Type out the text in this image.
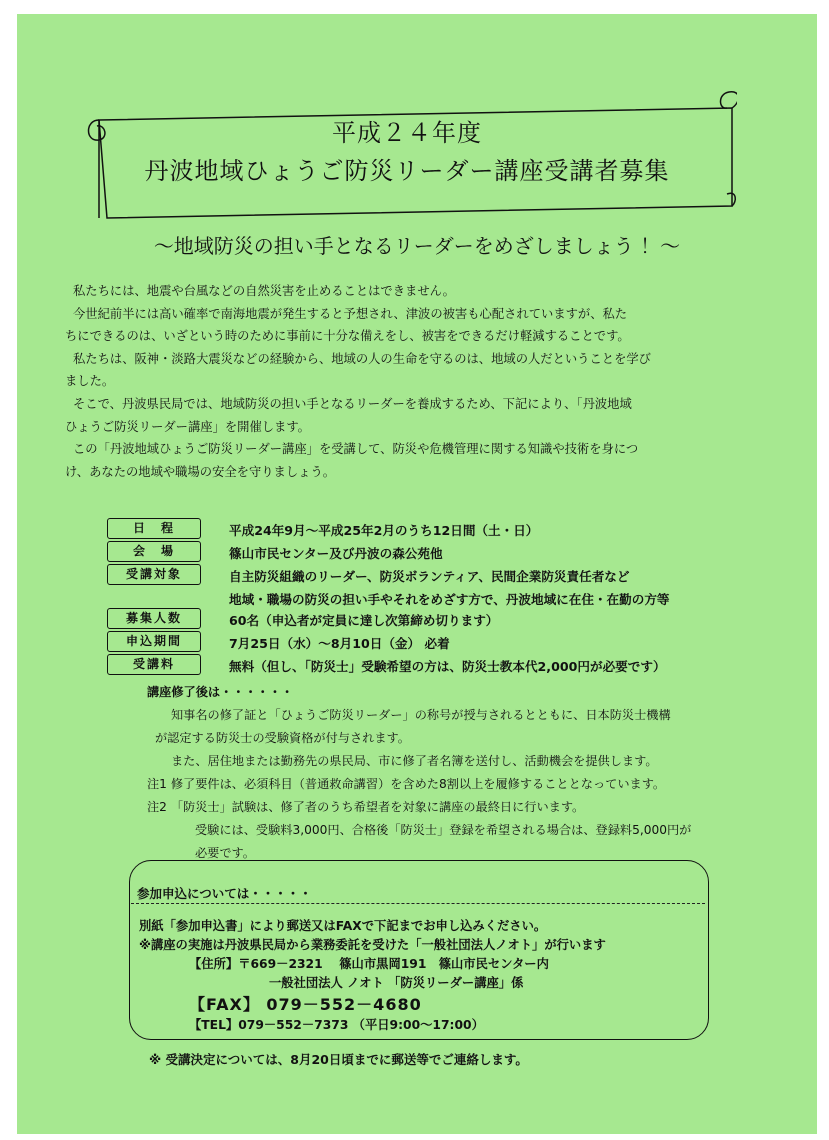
平成２４年度
丹波地域ひょうご防災リーダー講座受講者募集
～地域防災の担い手となるリーダーをめざしましょう ！～

私たちには、地震や台風などの自然災害を止めることはできません。

今世紀前半には高い確率で南海地震が発生すると予想され、津波の被害も心配されていますが、私た

ちにできるのは、いざという時のために事前に十分な備えをし、被害をできるだけ軽減することです。

私たちは、阪神・淡路大震災などの経験から、地域の人の生命を守るのは、地域の人だということを学び

ました。

そこで、丹波県民局では、地域防災の担い手となるリーダーを養成するため、下記により、「丹波地域

ひょうご防災リーダー講座」を開催します。

この「丹波地域ひょうご防災リーダー講座」を受講して、防災や危機管理に関する知識や技術を身につ

け、あなたの地域や職場の安全を守りましょう。

日　程	平成24年9月～平成25年2月のうち12日間（土・日）
会　場	篠山市民センター及び丹波の森公苑他
受講対象	自主防災組織のリーダー、防災ボランティア、民間企業防災責任者など
地域・職場の防災の担い手やそれをめざす方で、丹波地域に在住・在勤の方等
募集人数	60名（申込者が定員に達し次第締め切ります）
申込期間	7月25日（水）～8月10日（金） 必着
受講料	無料（但し、「防災士」受験希望の方は、防災士教本代2,000円が必要です）

講座修了後は・・・・・・

知事名の修了証と「ひょうご防災リーダー」の称号が授与されるとともに、日本防災士機構

が認定する防災士の受験資格が付与されます。

また、居住地または勤務先の県民局、市に修了者名簿を送付し、活動機会を提供します。

注1 修了要件は、必須科目（普通救命講習）を含めた8割以上を履修することとなっています。

注2 「防災士」試験は、修了者のうち希望者を対象に講座の最終日に行います。

受験には、受験料3,000円、合格後「防災士」登録を希望される場合は、登録料5,000円が

必要です。

参加申込については・・・・・

別紙「参加申込書」により郵送又はFAXで下記までお申し込みください。

※講座の実施は丹波県民局から業務委託を受けた「一般社団法人ノオト」が行います

【住所】〒669－2321　 篠山市黒岡191　篠山市民センター内

一般社団法人 ノオト 「防災リーダー講座」係

【FAX】 079－552－4680

【TEL】079－552－7373 （平日9:00～17:00）

※ 受講決定については、8月20日頃までに郵送等でご連絡します。
